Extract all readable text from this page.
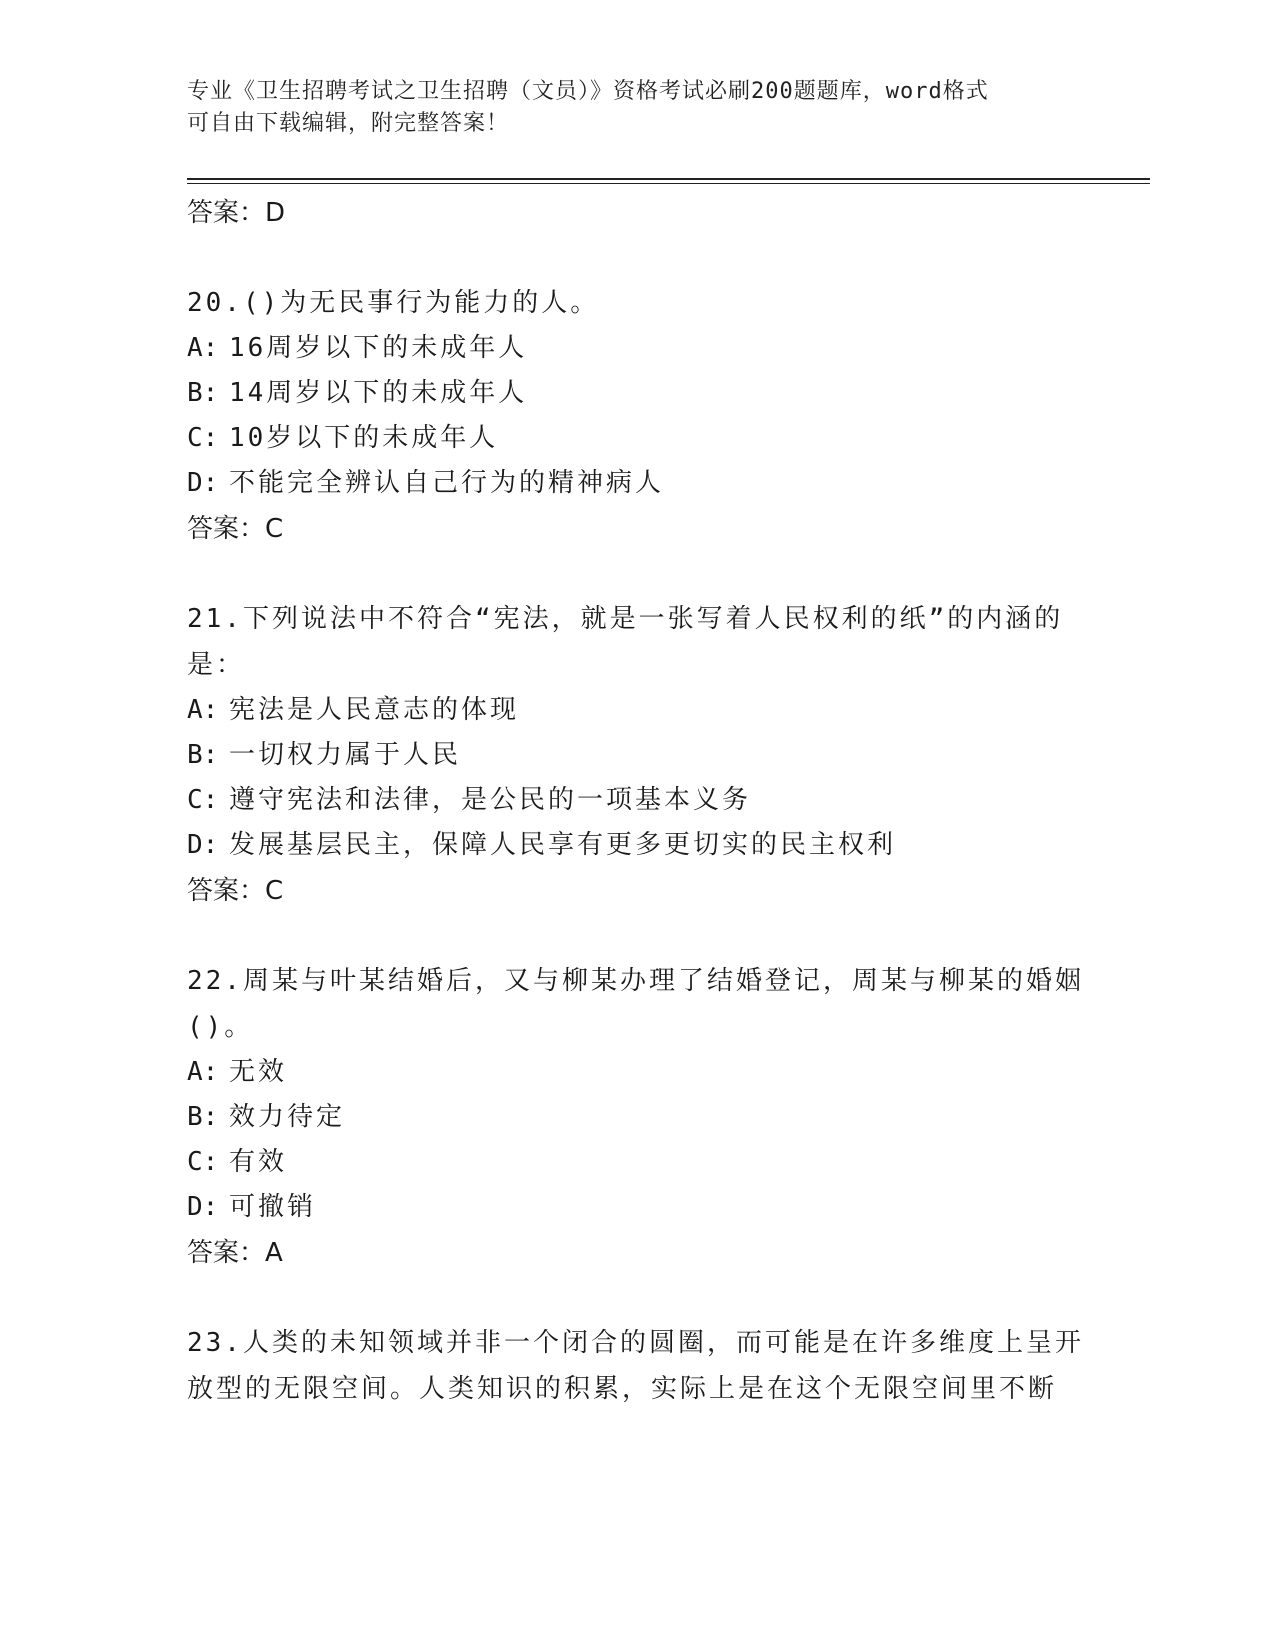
专业《卫生招聘考试之卫生招聘（文员）》资格考试必刷200题题库，word格式
可自由下载编辑，附完整答案！
答案：D
20.()为无民事行为能力的人。
A: 16周岁以下的未成年人
B: 14周岁以下的未成年人
C: 10岁以下的未成年人
D: 不能完全辨认自己行为的精神病人
答案：C
21.下列说法中不符合“宪法，就是一张写着人民权利的纸”的内涵的
是：
A: 宪法是人民意志的体现
B: 一切权力属于人民
C: 遵守宪法和法律，是公民的一项基本义务
D: 发展基层民主，保障人民享有更多更切实的民主权利
答案：C
22.周某与叶某结婚后，又与柳某办理了结婚登记，周某与柳某的婚姻
()。
A: 无效
B: 效力待定
C: 有效
D: 可撤销
答案：A
23.人类的未知领域并非一个闭合的圆圈，而可能是在许多维度上呈开
放型的无限空间。人类知识的积累，实际上是在这个无限空间里不断
